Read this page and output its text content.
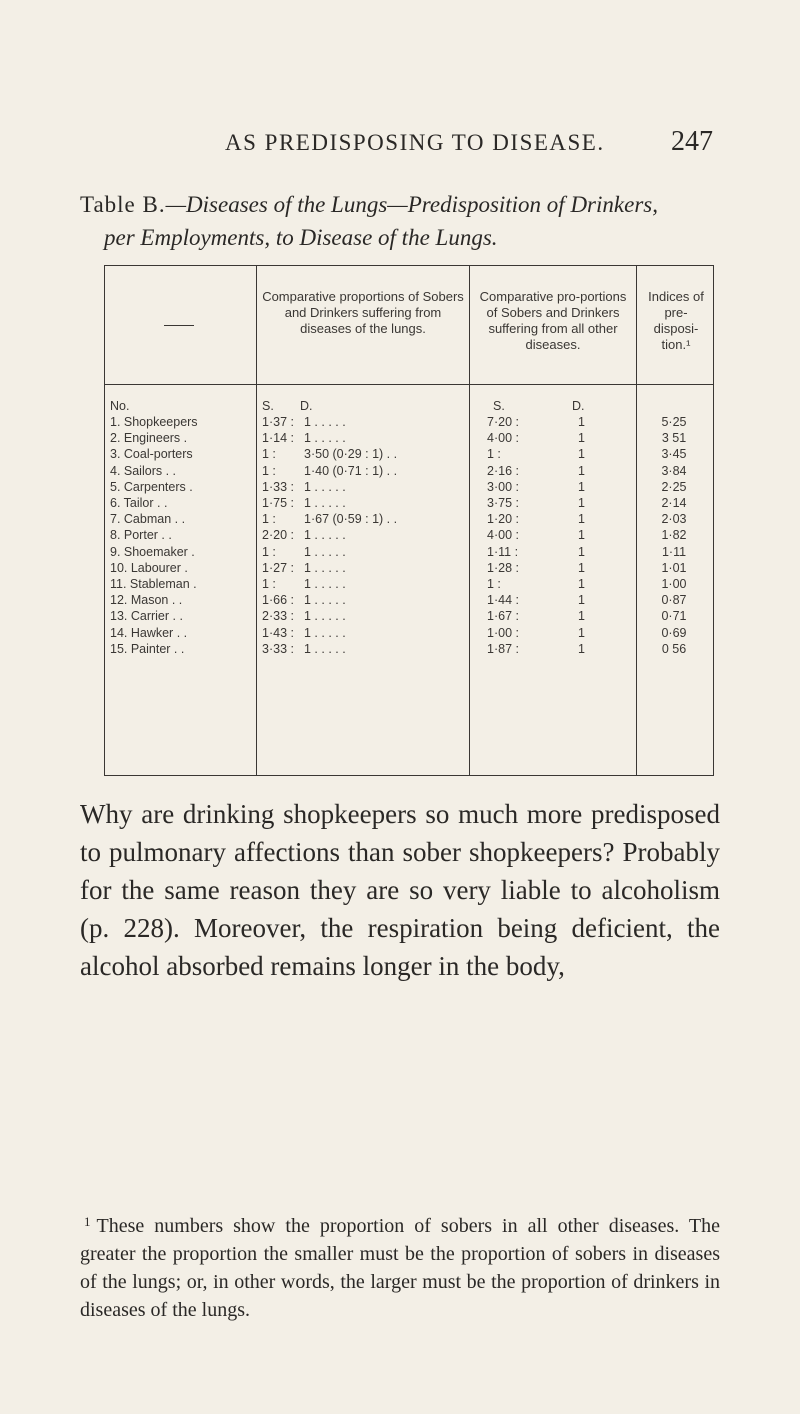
AS PREDISPOSING TO DISEASE. 247
Table B.—Diseases of the Lungs—Predisposition of Drinkers,
per Employments, to Disease of the Lungs.
Comparative proportions of Sobers and Drinkers suffering from diseases of the lungs.
Comparative pro-portions of Sobers and Drinkers suffering from all other diseases.
Indices of pre-disposi-tion.¹
No.	S. D.	S.	D.
1. Shopkeepers	1·37 : 1 . . . . .	7·20 :	1	5·25
2. Engineers .	1·14 : 1 . . . . .	4·00 :	1	3 51
3. Coal-porters	1 : 3·50 (0·29 : 1) . .	1 :	1	3·45
4. Sailors . .	1 : 1·40 (0·71 : 1) . .	2·16 :	1	3·84
5. Carpenters .	1·33 : 1 . . . . .	3·00 :	1	2·25
6. Tailor . .	1·75 : 1 . . . . .	3·75 :	1	2·14
7. Cabman . .	1 : 1·67 (0·59 : 1) . .	1·20 :	1	2·03
8. Porter . .	2·20 : 1 . . . . .	4·00 :	1	1·82
9. Shoemaker .	1 : 1 . . . . .	1·11 :	1	1·11
10. Labourer .	1·27 : 1 . . . . .	1·28 :	1	1·01
11. Stableman .	1 : 1 . . . . .	1 :	1	1·00
12. Mason . .	1·66 : 1 . . . . .	1·44 :	1	0·87
13. Carrier . .	2·33 : 1 . . . . .	1·67 :	1	0·71
14. Hawker . .	1·43 : 1 . . . . .	1·00 :	1	0·69
15. Painter . .	3·33 : 1 . . . . .	1·87 :	1	0 56
Why are drinking shopkeepers so much more predisposed to pulmonary affections than sober shopkeepers? Probably for the same reason they are so very liable to alcoholism (p. 228). Moreover, the respiration being deficient, the alcohol absorbed remains longer in the body,
$^1$ These numbers show the proportion of sobers in all other diseases. The greater the proportion the smaller must be the proportion of sobers in diseases of the lungs; or, in other words, the larger must be the proportion of drinkers in diseases of the lungs.
